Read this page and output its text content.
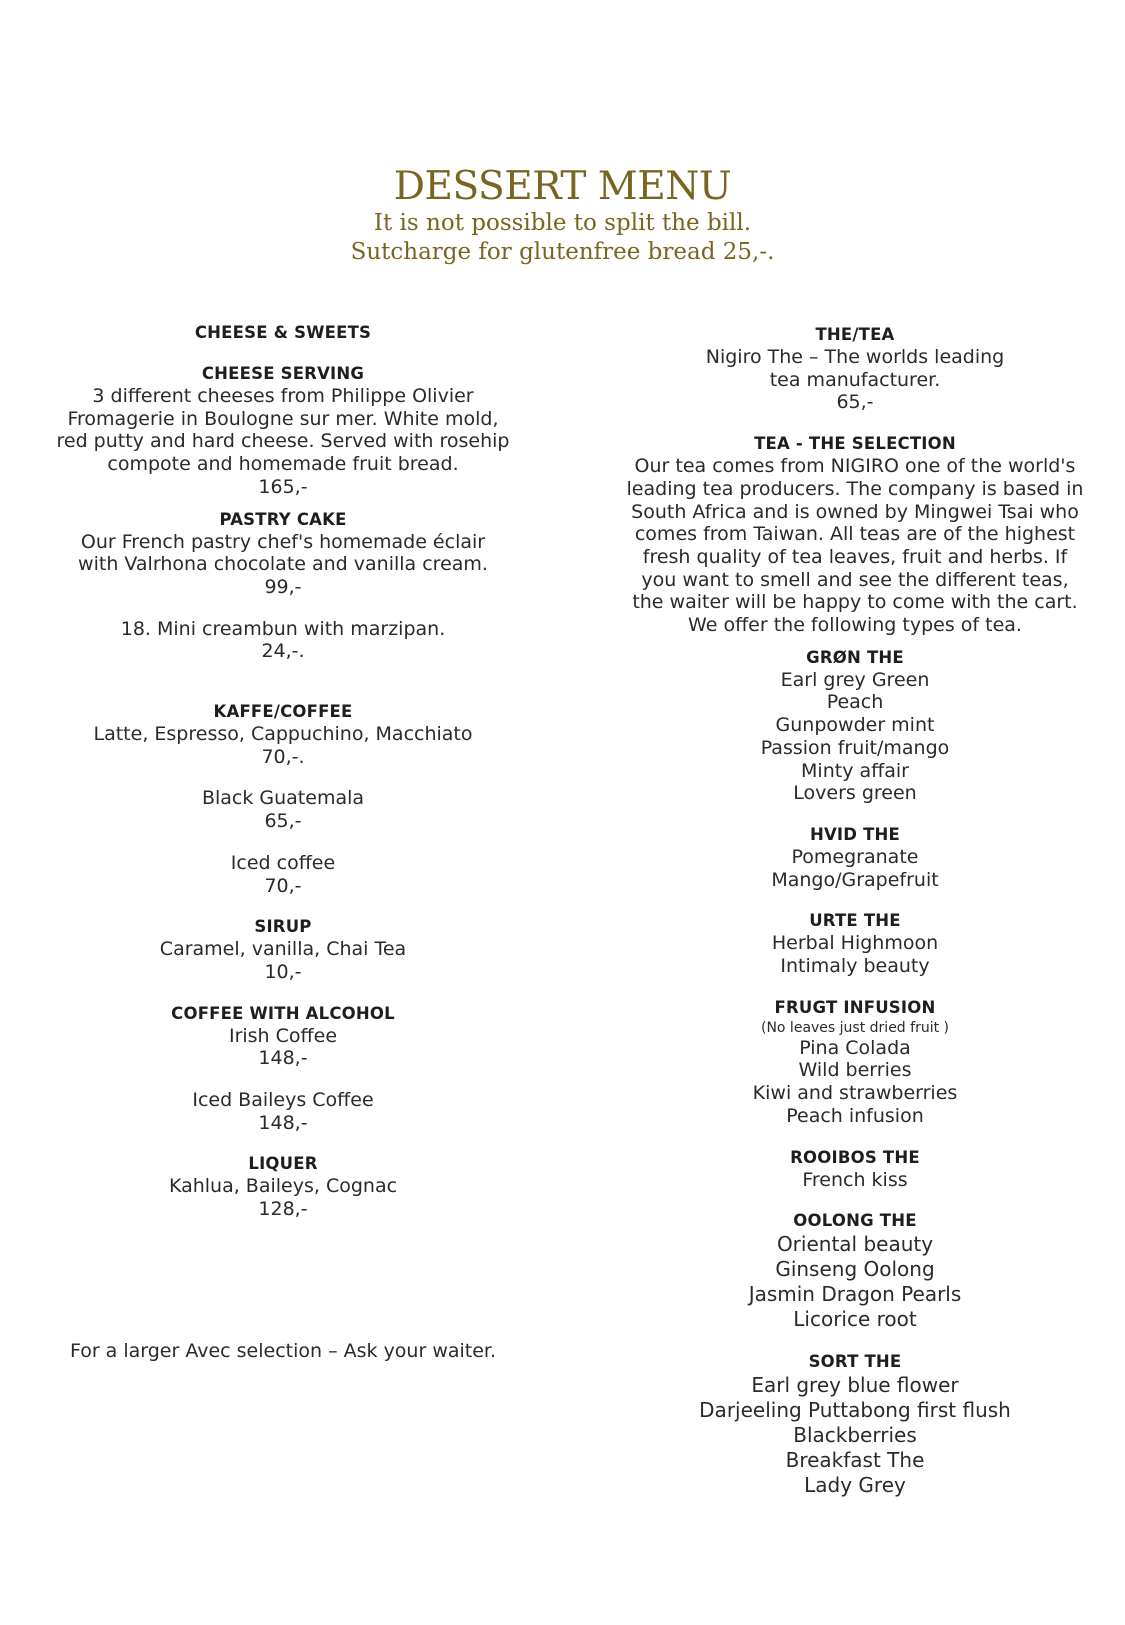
DESSERT MENU
It is not possible to split the bill.
Sutcharge for glutenfree bread 25,-.
CHEESE & SWEETS
CHEESE SERVING
3 different cheeses from Philippe Olivier
Fromagerie in Boulogne sur mer. White mold,
red putty and hard cheese. Served with rosehip
compote and homemade fruit bread.
165,-
PASTRY CAKE
Our French pastry chef's homemade éclair
with Valrhona chocolate and vanilla cream.
99,-
18. Mini creambun with marzipan.
24,-.
KAFFE/COFFEE
Latte, Espresso, Cappuchino, Macchiato
70,-.
Black Guatemala
65,-
Iced coffee
70,-
SIRUP
Caramel, vanilla, Chai Tea
10,-
COFFEE WITH ALCOHOL
Irish Coffee
148,-
Iced Baileys Coffee
148,-
LIQUER
Kahlua, Baileys, Cognac
128,-
For a larger Avec selection – Ask your waiter.
THE/TEA
Nigiro The – The worlds leading
tea manufacturer.
65,-
TEA - THE SELECTION
Our tea comes from NIGIRO one of the world's
leading tea producers. The company is based in
South Africa and is owned by Mingwei Tsai who
comes from Taiwan. All teas are of the highest
fresh quality of tea leaves, fruit and herbs. If
you want to smell and see the different teas,
the waiter will be happy to come with the cart.
We offer the following types of tea.
GRØN THE
Earl grey Green
Peach
Gunpowder mint
Passion fruit/mango
Minty affair
Lovers green
HVID THE
Pomegranate
Mango/Grapefruit
URTE THE
Herbal Highmoon
Intimaly beauty
FRUGT INFUSION
(No leaves just dried fruit )
Pina Colada
Wild berries
Kiwi and strawberries
Peach infusion
ROOIBOS THE
French kiss
OOLONG THE
Oriental beauty
Ginseng Oolong
Jasmin Dragon Pearls
Licorice root
SORT THE
Earl grey blue flower
Darjeeling Puttabong first flush
Blackberries
Breakfast The
Lady Grey
